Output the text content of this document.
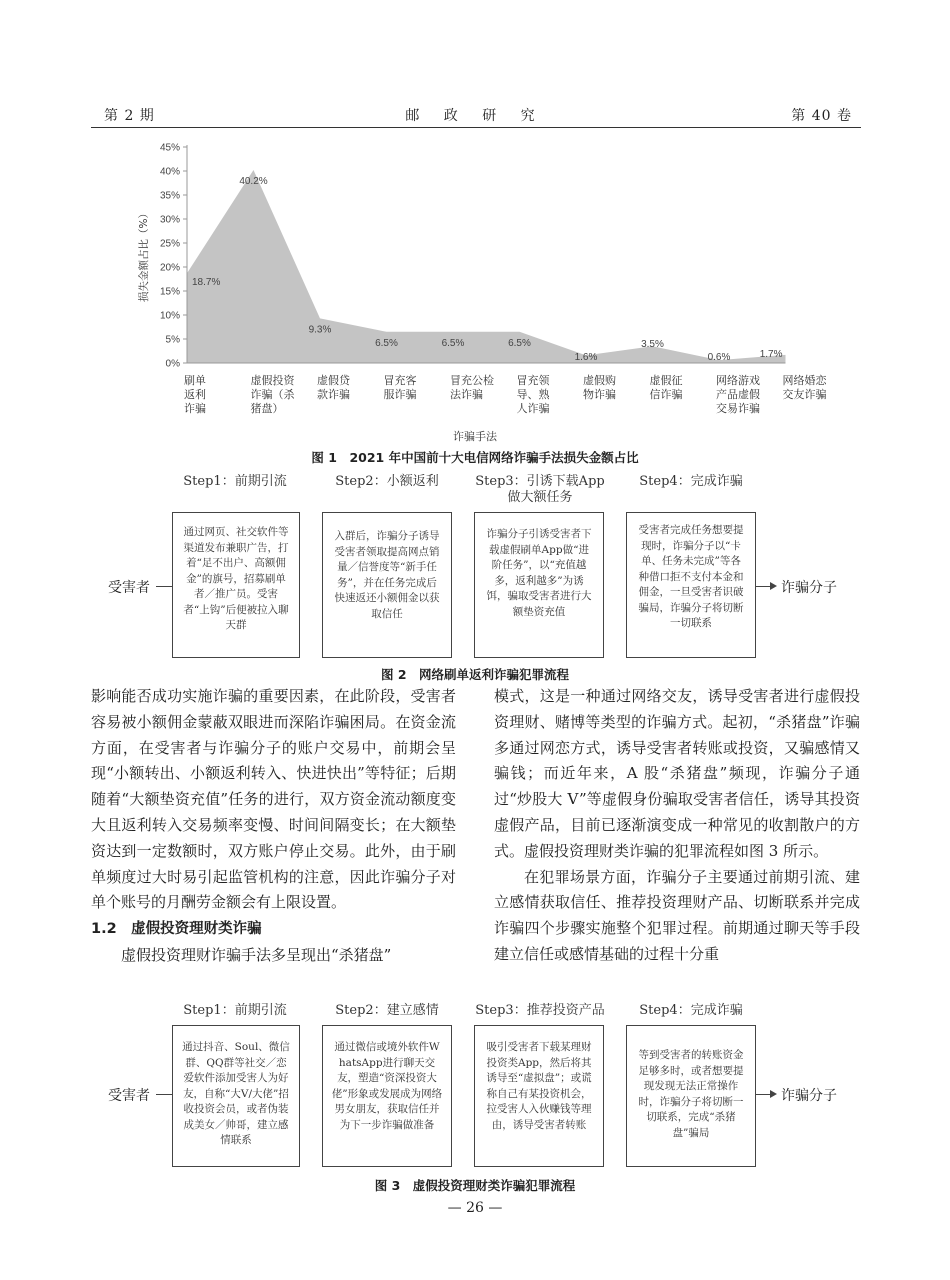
第 2 期	邮 政 研 究	第 40 卷
0%
5%
10%
15%
20%
25%
30%
35%
40%
45%
损失金额占比（%）	18.7%
40.2%
9.3%
6.5%	6.5%	6.5%
1.6%
3.5%
0.6%	1.7%
刷单
返利
诈骗
虚假投资
诈骗（杀
猪盘）
虚假贷
款诈骗
冒充客
服诈骗
冒充公检
法诈骗
冒充领
导、熟
人诈骗
虚假购
物诈骗
虚假征
信诈骗
网络游戏
产品虚假
交易诈骗
网络婚恋
交友诈骗
诈骗手法
图 1　2021 年中国前十大电信网络诈骗手法损失金额占比
Step1：前期引流	Step2：小额返利	Step3：引诱下载App做大额任务
Step4：完成诈骗
通过网页、社交软件等渠道发布兼职广告，打着“足不出户、高额佣金”的旗号，招募刷单者／推广员。受害者“上钩”后便被拉入聊天群
入群后，诈骗分子诱导受害者领取提高网点销量／信誉度等“新手任务”，并在任务完成后快速返还小额佣金以获取信任
诈骗分子引诱受害者下载虚假刷单App做“进阶任务”，以“充值越多，返利越多”为诱饵，骗取受害者进行大额垫资充值
受害者完成任务想要提现时，诈骗分子以“卡单、任务未完成”等各种借口拒不支付本金和佣金，一旦受害者识破骗局，诈骗分子将切断一切联系
受害者	诈骗分子
图 2　网络刷单返利诈骗犯罪流程

影响能否成功实施诈骗的重要因素，在此阶段，受害者容易被小额佣金蒙蔽双眼进而深陷诈骗困局。在资金流方面，在受害者与诈骗分子的账户交易中，前期会呈现“小额转出、小额返利转入、快进快出”等特征；后期随着“大额垫资充值”任务的进行，双方资金流动额度变大且返利转入交易频率变慢、时间间隔变长；在大额垫资达到一定数额时，双方账户停止交易。此外，由于刷单频度过大时易引起监管机构的注意，因此诈骗分子对单个账号的月酬劳金额会有上限设置。

1.2　虚假投资理财类诈骗

虚假投资理财诈骗手法多呈现出“杀猪盘”

模式，这是一种通过网络交友，诱导受害者进行虚假投资理财、赌博等类型的诈骗方式。起初，“杀猪盘”诈骗多通过网恋方式，诱导受害者转账或投资，又骗感情又骗钱；而近年来，A 股“杀猪盘”频现，诈骗分子通过“炒股大 V”等虚假身份骗取受害者信任，诱导其投资虚假产品，目前已逐渐演变成一种常见的收割散户的方式。虚假投资理财类诈骗的犯罪流程如图 3 所示。

在犯罪场景方面，诈骗分子主要通过前期引流、建立感情获取信任、推荐投资理财产品、切断联系并完成诈骗四个步骤实施整个犯罪过程。前期通过聊天等手段建立信任或感情基础的过程十分重

Step1：前期引流	Step2：建立感情	Step3：推荐投资产品	Step4：完成诈骗
通过抖音、Soul、微信群、QQ群等社交／恋爱软件添加受害人为好友，自称“大V/大佬”招收投资会员，或者伪装成美女／帅哥，建立感情联系
通过微信或境外软件WhatsApp进行聊天交友，塑造“资深投资大佬”形象或发展成为网络男女朋友，获取信任并为下一步诈骗做准备
吸引受害者下载某理财投资类App，然后将其诱导至“虚拟盘”；或谎称自己有某投资机会，拉受害人入伙赚钱等理由，诱导受害者转账
等到受害者的转账资金足够多时，或者想要提现发现无法正常操作时，诈骗分子将切断一切联系，完成“杀猪盘”骗局
受害者	诈骗分子
图 3　虚假投资理财类诈骗犯罪流程
— 26 —
